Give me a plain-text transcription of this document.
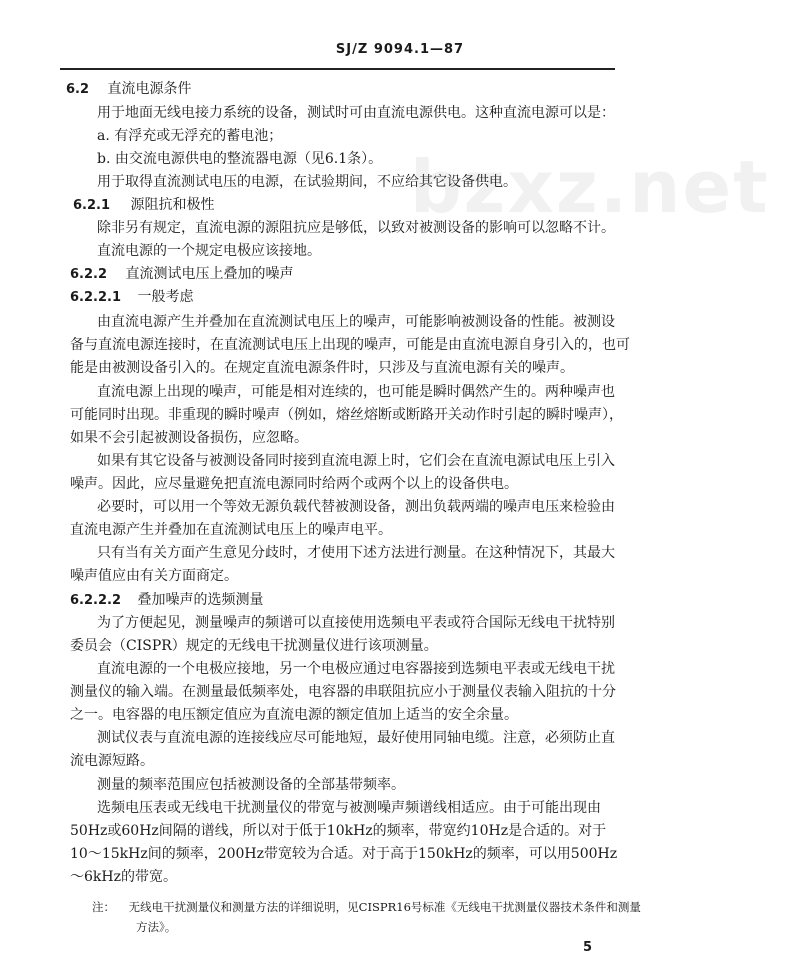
bzxz.net
SJ/Z 9094.1—87
6.2 直流电源条件
用于地面无线电接力系统的设备，测试时可由直流电源供电。这种直流电源可以是：
a. 有浮充或无浮充的蓄电池；
b. 由交流电源供电的整流器电源（见6.1条）。
用于取得直流测试电压的电源，在试验期间，不应给其它设备供电。
6.2.1 源阻抗和极性
除非另有规定，直流电源的源阻抗应是够低，以致对被测设备的影响可以忽略不计。
直流电源的一个规定电极应该接地。
6.2.2 直流测试电压上叠加的噪声
6.2.2.1 一般考虑
由直流电源产生并叠加在直流测试电压上的噪声，可能影响被测设备的性能。被测设
备与直流电源连接时，在直流测试电压上出现的噪声，可能是由直流电源自身引入的，也可
能是由被测设备引入的。在规定直流电源条件时，只涉及与直流电源有关的噪声。
直流电源上出现的噪声，可能是相对连续的，也可能是瞬时偶然产生的。两种噪声也
可能同时出现。非重现的瞬时噪声（例如，熔丝熔断或断路开关动作时引起的瞬时噪声），
如果不会引起被测设备损伤，应忽略。
如果有其它设备与被测设备同时接到直流电源上时，它们会在直流电源试电压上引入
噪声。因此，应尽量避免把直流电源同时给两个或两个以上的设备供电。
必要时，可以用一个等效无源负载代替被测设备，测出负载两端的噪声电压来检验由
直流电源产生并叠加在直流测试电压上的噪声电平。
只有当有关方面产生意见分歧时，才使用下述方法进行测量。在这种情况下，其最大
噪声值应由有关方面商定。
6.2.2.2 叠加噪声的选频测量
为了方便起见，测量噪声的频谱可以直接使用选频电平表或符合国际无线电干扰特别
委员会（CISPR）规定的无线电干扰测量仪进行该项测量。
直流电源的一个电极应接地，另一个电极应通过电容器接到选频电平表或无线电干扰
测量仪的输入端。在测量最低频率处，电容器的串联阻抗应小于测量仪表输入阻抗的十分
之一。电容器的电压额定值应为直流电源的额定值加上适当的安全余量。
测试仪表与直流电源的连接线应尽可能地短，最好使用同轴电缆。注意，必须防止直
流电源短路。
测量的频率范围应包括被测设备的全部基带频率。
选频电压表或无线电干扰测量仪的带宽与被测噪声频谱线相适应。由于可能出现由
50Hz或60Hz间隔的谱线，所以对于低于10kHz的频率，带宽约10Hz是合适的。对于
10～15kHz间的频率，200Hz带宽较为合适。对于高于150kHz的频率，可以用500Hz
～6kHz的带宽。
注： 无线电干扰测量仪和测量方法的详细说明，见CISPR16号标准《无线电干扰测量仪器技术条件和测量
方法》。
5
